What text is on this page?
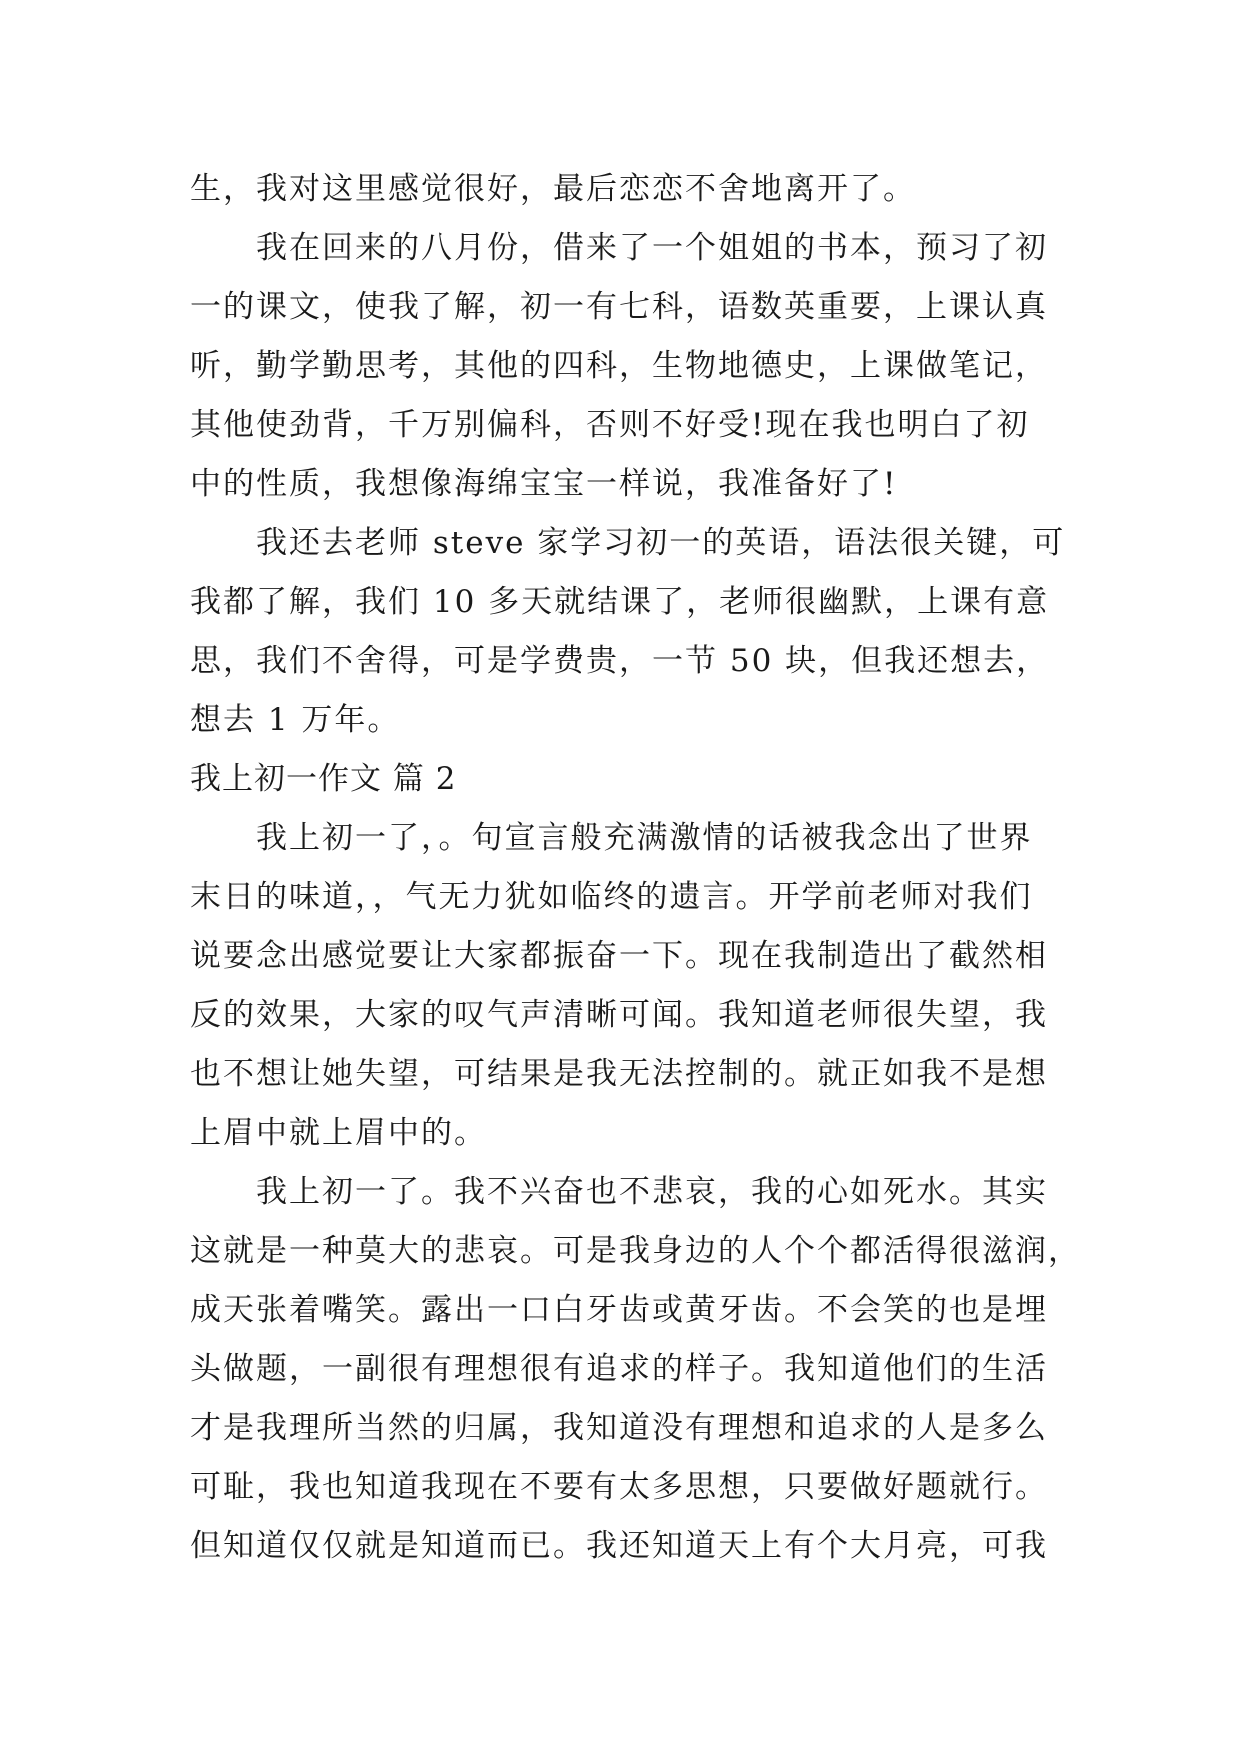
生，我对这里感觉很好，最后恋恋不舍地离开了。
我在回来的八月份，借来了一个姐姐的书本，预习了初
一的课文，使我了解，初一有七科，语数英重要，上课认真
听，勤学勤思考，其他的四科，生物地德史，上课做笔记，
其他使劲背，千万别偏科，否则不好受!现在我也明白了初
中的性质，我想像海绵宝宝一样说，我准备好了!
我还去老师 steve 家学习初一的英语，语法很关键，可
我都了解，我们 10 多天就结课了，老师很幽默，上课有意
思，我们不舍得，可是学费贵，一节 50 块，但我还想去，
想去 1 万年。
我上初一作文 篇 2
我上初一了，。句宣言般充满激情的话被我念出了世界
末日的味道，，气无力犹如临终的遗言。开学前老师对我们
说要念出感觉要让大家都振奋一下。现在我制造出了截然相
反的效果，大家的叹气声清晰可闻。我知道老师很失望，我
也不想让她失望，可结果是我无法控制的。就正如我不是想
上眉中就上眉中的。
我上初一了。我不兴奋也不悲哀，我的心如死水。其实
这就是一种莫大的悲哀。可是我身边的人个个都活得很滋润，
成天张着嘴笑。露出一口白牙齿或黄牙齿。不会笑的也是埋
头做题，一副很有理想很有追求的样子。我知道他们的生活
才是我理所当然的归属，我知道没有理想和追求的人是多么
可耻，我也知道我现在不要有太多思想，只要做好题就行。
但知道仅仅就是知道而已。我还知道天上有个大月亮，可我
